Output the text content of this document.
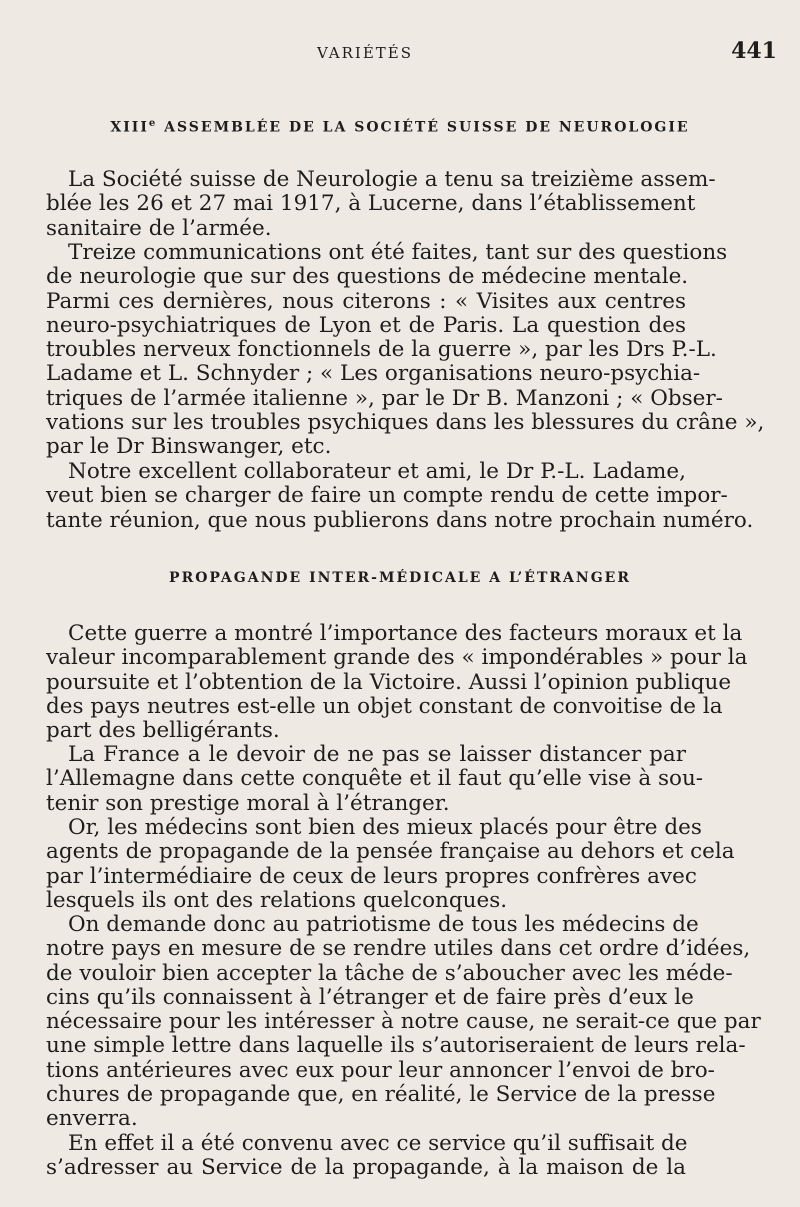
VARIÉTÉS	441
XIIIe ASSEMBLÉE DE LA SOCIÉTÉ SUISSE DE NEUROLOGIE
La Société suisse de Neurologie a tenu sa treizième assem-
blée les 26 et 27 mai 1917, à Lucerne, dans l’établissement
sanitaire de l’armée.
Treize communications ont été faites, tant sur des questions
de neurologie que sur des questions de médecine mentale.
Parmi ces dernières, nous citerons : « Visites aux centres
neuro-psychiatriques de Lyon et de Paris. La question des
troubles nerveux fonctionnels de la guerre », par les Drs P.-L.
Ladame et L. Schnyder ; « Les organisations neuro-psychia-
triques de l’armée italienne », par le Dr B. Manzoni ; « Obser-
vations sur les troubles psychiques dans les blessures du crâne »,
par le Dr Binswanger, etc.
Notre excellent collaborateur et ami, le Dr P.-L. Ladame,
veut bien se charger de faire un compte rendu de cette impor-
tante réunion, que nous publierons dans notre prochain numéro.
PROPAGANDE INTER-MÉDICALE A L’ÉTRANGER
Cette guerre a montré l’importance des facteurs moraux et la
valeur incomparablement grande des « impondérables » pour la
poursuite et l’obtention de la Victoire. Aussi l’opinion publique
des pays neutres est-elle un objet constant de convoitise de la
part des belligérants.
La France a le devoir de ne pas se laisser distancer par
l’Allemagne dans cette conquête et il faut qu’elle vise à sou-
tenir son prestige moral à l’étranger.
Or, les médecins sont bien des mieux placés pour être des
agents de propagande de la pensée française au dehors et cela
par l’intermédiaire de ceux de leurs propres confrères avec
lesquels ils ont des relations quelconques.
On demande donc au patriotisme de tous les médecins de
notre pays en mesure de se rendre utiles dans cet ordre d’idées,
de vouloir bien accepter la tâche de s’aboucher avec les méde-
cins qu’ils connaissent à l’étranger et de faire près d’eux le
nécessaire pour les intéresser à notre cause, ne serait-ce que par
une simple lettre dans laquelle ils s’autoriseraient de leurs rela-
tions antérieures avec eux pour leur annoncer l’envoi de bro-
chures de propagande que, en réalité, le Service de la presse
enverra.
En effet il a été convenu avec ce service qu’il suffisait de
s’adresser au Service de la propagande, à la maison de la
